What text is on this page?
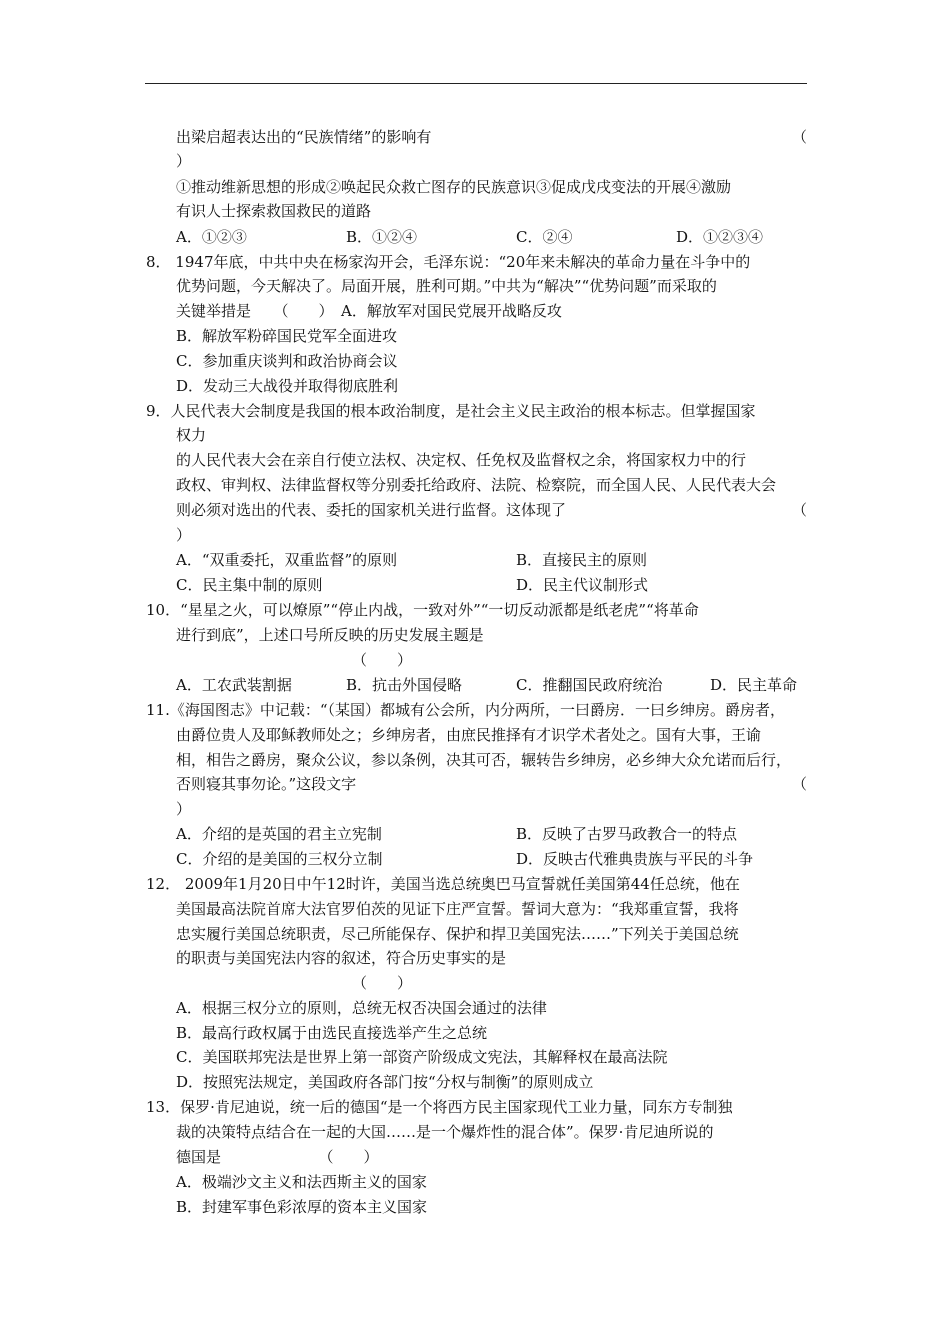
出梁启超表达出的“民族情绪”的影响有	（
）
①推动维新思想的形成②唤起民众救亡图存的民族意识③促成戊戌变法的开展④激励
有识人士探索救国救民的道路
A．①②③	B．①②④	C．②④	D．①②③④
8． 1947年底，中共中央在杨家沟开会，毛泽东说：“20年来未解决的革命力量在斗争中的
优势问题，今天解决了。局面开展，胜利可期。”中共为“解决”“优势问题”而采取的
关键举措是　　（　　）　A．解放军对国民党展开战略反攻
B．解放军粉碎国民党军全面进攻
C．参加重庆谈判和政治协商会议
D．发动三大战役并取得彻底胜利
9．人民代表大会制度是我国的根本政治制度，是社会主义民主政治的根本标志。但掌握国家
权力
的人民代表大会在亲自行使立法权、决定权、任免权及监督权之余，将国家权力中的行
政权、审判权、法律监督权等分别委托给政府、法院、检察院，而全国人民、人民代表大会
则必须对选出的代表、委托的国家机关进行监督。这体现了	（
）
A．“双重委托，双重监督”的原则	B．直接民主的原则
C．民主集中制的原则	D．民主代议制形式
10．“星星之火，可以燎原”“停止内战，一致对外”“一切反动派都是纸老虎”“将革命
进行到底”，上述口号所反映的历史发展主题是
（　　）
A．工农武装割据	B．抗击外国侵略	C．推翻国民政府统治	D．民主革命
11.《海国图志》中记载：“（某国）都城有公会所，内分两所，一曰爵房．一曰乡绅房。爵房者，
由爵位贵人及耶稣教师处之；乡绅房者，由庶民推择有才识学术者处之。国有大事，王谕
相，相告之爵房，聚众公议，参以条例，决其可否，辗转告乡绅房，必乡绅大众允诺而后行，
否则寝其事勿论。”这段文字	（
）
A．介绍的是英国的君主立宪制	B．反映了古罗马政教合一的特点
C．介绍的是美国的三权分立制	D．反映古代雅典贵族与平民的斗争
12． 2009年1月20日中午12时许，美国当选总统奥巴马宣誓就任美国第44任总统，他在
美国最高法院首席大法官罗伯茨的见证下庄严宣誓。誓词大意为：“我郑重宣誓，我将
忠实履行美国总统职责，尽己所能保存、保护和捍卫美国宪法……”下列关于美国总统
的职责与美国宪法内容的叙述，符合历史事实的是
（　　）
A．根据三权分立的原则，总统无权否决国会通过的法律
B．最高行政权属于由选民直接选举产生之总统
C．美国联邦宪法是世界上第一部资产阶级成文宪法，其解释权在最高法院
D．按照宪法规定，美国政府各部门按“分权与制衡”的原则成立
13．保罗·肯尼迪说，统一后的德国“是一个将西方民主国家现代工业力量，同东方专制独
裁的决策特点结合在一起的大国……是一个爆炸性的混合体”。保罗·肯尼迪所说的
德国是　　　　　　　（　　）
A．极端沙文主义和法西斯主义的国家
B．封建军事色彩浓厚的资本主义国家
